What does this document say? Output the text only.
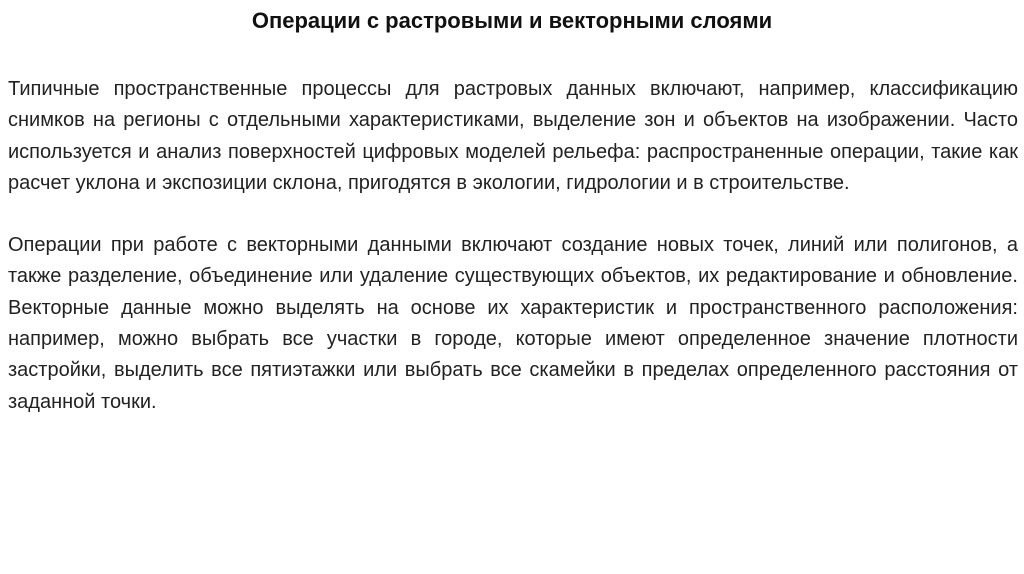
Операции с растровыми и векторными слоями

Типичные пространственные процессы для растровых данных включают, например, классификацию снимков на регионы с отдельными характеристиками, выделение зон и объектов на изображении. Часто используется и анализ поверхностей цифровых моделей рельефа: распространенные операции, такие как расчет уклона и экспозиции склона, пригодятся в экологии, гидрологии и в строительстве.

Операции при работе с векторными данными включают создание новых точек, линий или полигонов, а также разделение, объединение или удаление существующих объектов, их редактирование и обновление. Векторные данные можно выделять на основе их характеристик и пространственного расположения: например, можно выбрать все участки в городе, которые имеют определенное значение плотности застройки, выделить все пятиэтажки или выбрать все скамейки в пределах определенного расстояния от заданной точки.
